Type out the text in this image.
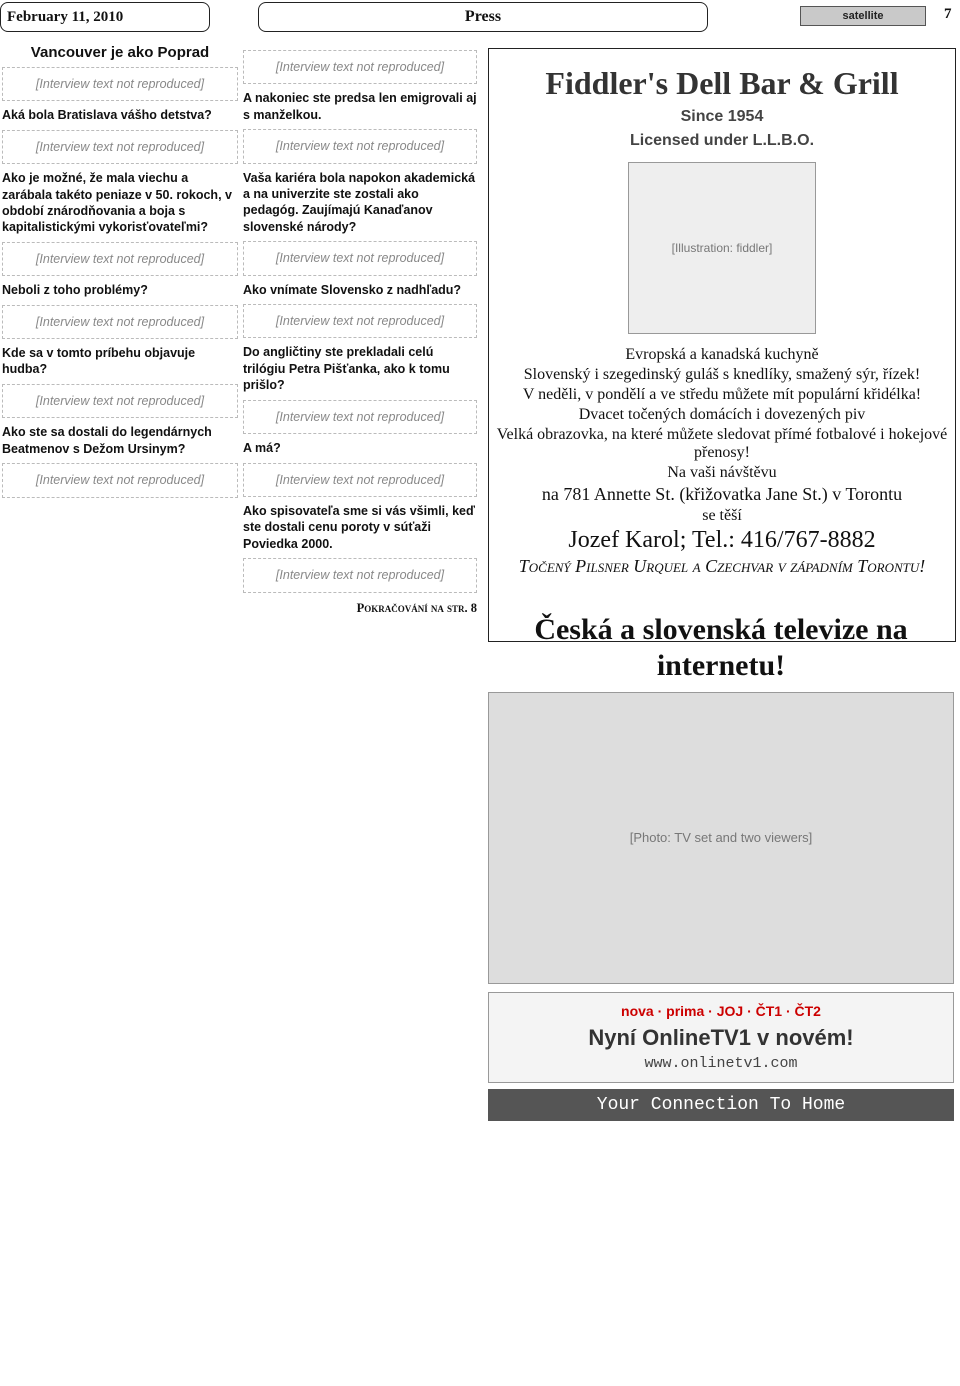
February 11, 2010	Press	satellite	7
Vancouver je ako Poprad
[Interview text not reproduced]
Aká bola Bratislava vášho detstva?
[Interview text not reproduced]
Ako je možné, že mala viechu a zarábala takéto peniaze v 50. rokoch, v období znárodňovania a boja s kapitalistickými vykorisťovateľmi?
[Interview text not reproduced]
Neboli z toho problémy?
[Interview text not reproduced]
Kde sa v tomto príbehu objavuje hudba?
[Interview text not reproduced]
Ako ste sa dostali do legendárnych Beatmenov s Dežom Ursinym?
[Interview text not reproduced]
[Interview text not reproduced]
A nakoniec ste predsa len emigrovali aj s manželkou.
[Interview text not reproduced]
Vaša kariéra bola napokon akademická a na univerzite ste zostali ako pedagóg. Zaujímajú Kanaďanov slovenské národy?
[Interview text not reproduced]
Ako vnímate Slovensko z nadhľadu?
[Interview text not reproduced]
Do angličtiny ste prekladali celú trilógiu Petra Pišťanka, ako k tomu prišlo?
[Interview text not reproduced]
A má?
[Interview text not reproduced]
Ako spisovateľa sme si vás všimli, keď ste dostali cenu poroty v súťaži Poviedka 2000.
[Interview text not reproduced]
Pokračování na str. 8
Fiddler's Dell Bar & Grill
Since 1954
Licensed under L.L.B.O.
[Illustration: fiddler]
Evropská a kanadská kuchyně
Slovenský i szegedinský guláš s knedlíky, smažený sýr, řízek!
V neděli, v pondělí a ve středu můžete mít populární křidélka!
Dvacet točených domácích i dovezených piv
Velká obrazovka, na které můžete sledovat přímé fotbalové i hokejové přenosy!
Na vaši návštěvu
na 781 Annette St. (křižovatka Jane St.) v Torontu
se těší
Jozef Karol; Tel.: 416/767-8882
Točený Pilsner Urquel a Czechvar v západním Torontu!
Česká a slovenská televize na internetu!
[Photo: TV set and two viewers]
nova · prima · JOJ · ČT1 · ČT2
Nyní OnlineTV1 v novém!
www.onlinetv1.com
Your Connection To Home
